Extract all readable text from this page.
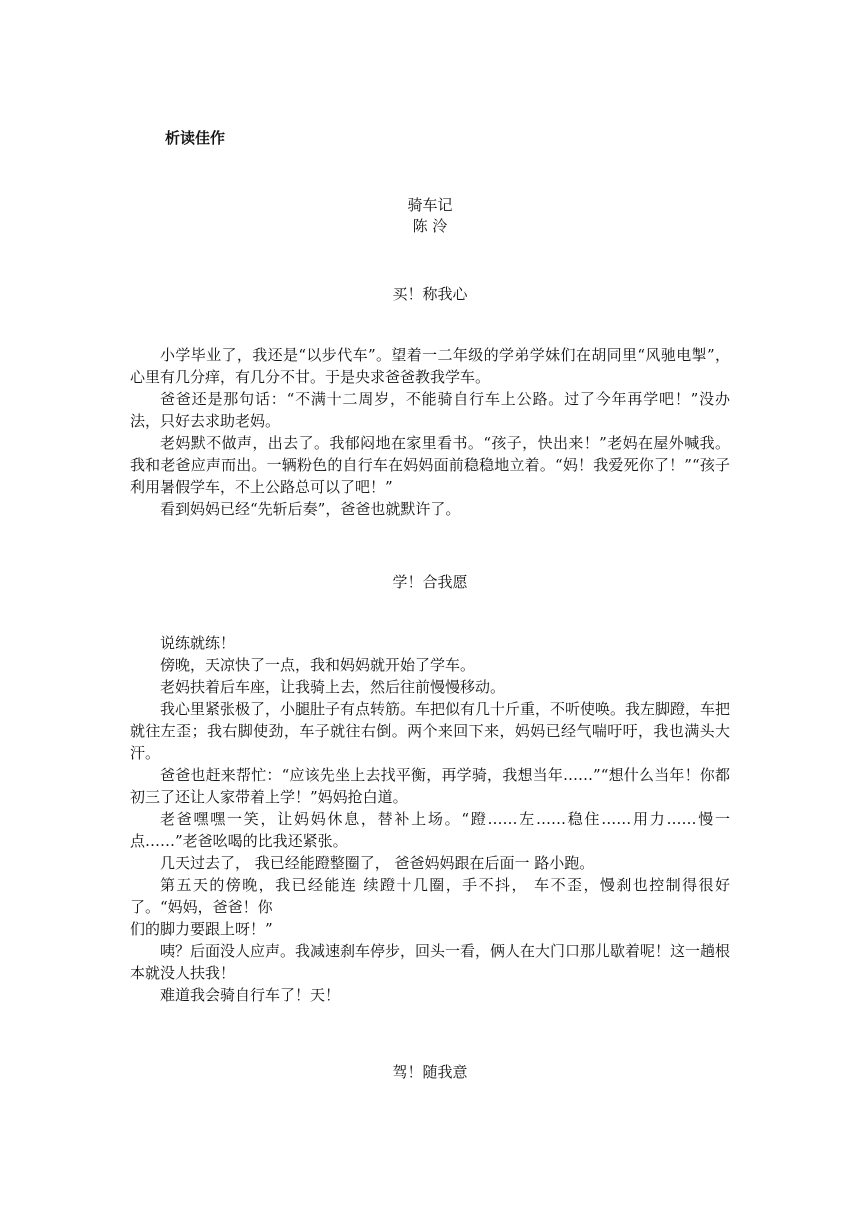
析读佳作
骑车记
陈 泠
买！称我心

小学毕业了，我还是“以步代车”。望着一二年级的学弟学妹们在胡同里“风驰电掣”，心里有几分痒，有几分不甘。于是央求爸爸教我学车。

爸爸还是那句话：“不满十二周岁，不能骑自行车上公路。过了今年再学吧！”没办法，只好去求助老妈。

老妈默不做声，出去了。我郁闷地在家里看书。“孩子，快出来！”老妈在屋外喊我。我和老爸应声而出。一辆粉色的自行车在妈妈面前稳稳地立着。“妈！我爱死你了！”“孩子利用暑假学车，不上公路总可以了吧！”

看到妈妈已经“先斩后奏”，爸爸也就默许了。

学！合我愿

说练就练！

傍晚，天凉快了一点，我和妈妈就开始了学车。

老妈扶着后车座，让我骑上去，然后往前慢慢移动。

我心里紧张极了，小腿肚子有点转筋。车把似有几十斤重，不听使唤。我左脚蹬，车把就往左歪；我右脚使劲，车子就往右倒。两个来回下来，妈妈已经气喘吁吁，我也满头大汗。

爸爸也赶来帮忙：“应该先坐上去找平衡，再学骑，我想当年……”“想什么当年！你都初三了还让人家带着上学！”妈妈抢白道。

老爸嘿嘿一笑，让妈妈休息，替补上场。“蹬……左……稳住……用力……慢一点……”老爸吆喝的比我还紧张。

几天过去了， 我已经能蹬整圈了， 爸爸妈妈跟在后面一 路小跑。

第五天的傍晚，我已经能连 续蹬十几圈，手不抖， 车不歪，慢刹也控制得很好了。“妈妈，爸爸！你

们的脚力要跟上呀！”

咦？后面没人应声。我减速刹车停步，回头一看，俩人在大门口那儿歇着呢！这一趟根本就没人扶我！

难道我会骑自行车了！天！

驾！随我意
